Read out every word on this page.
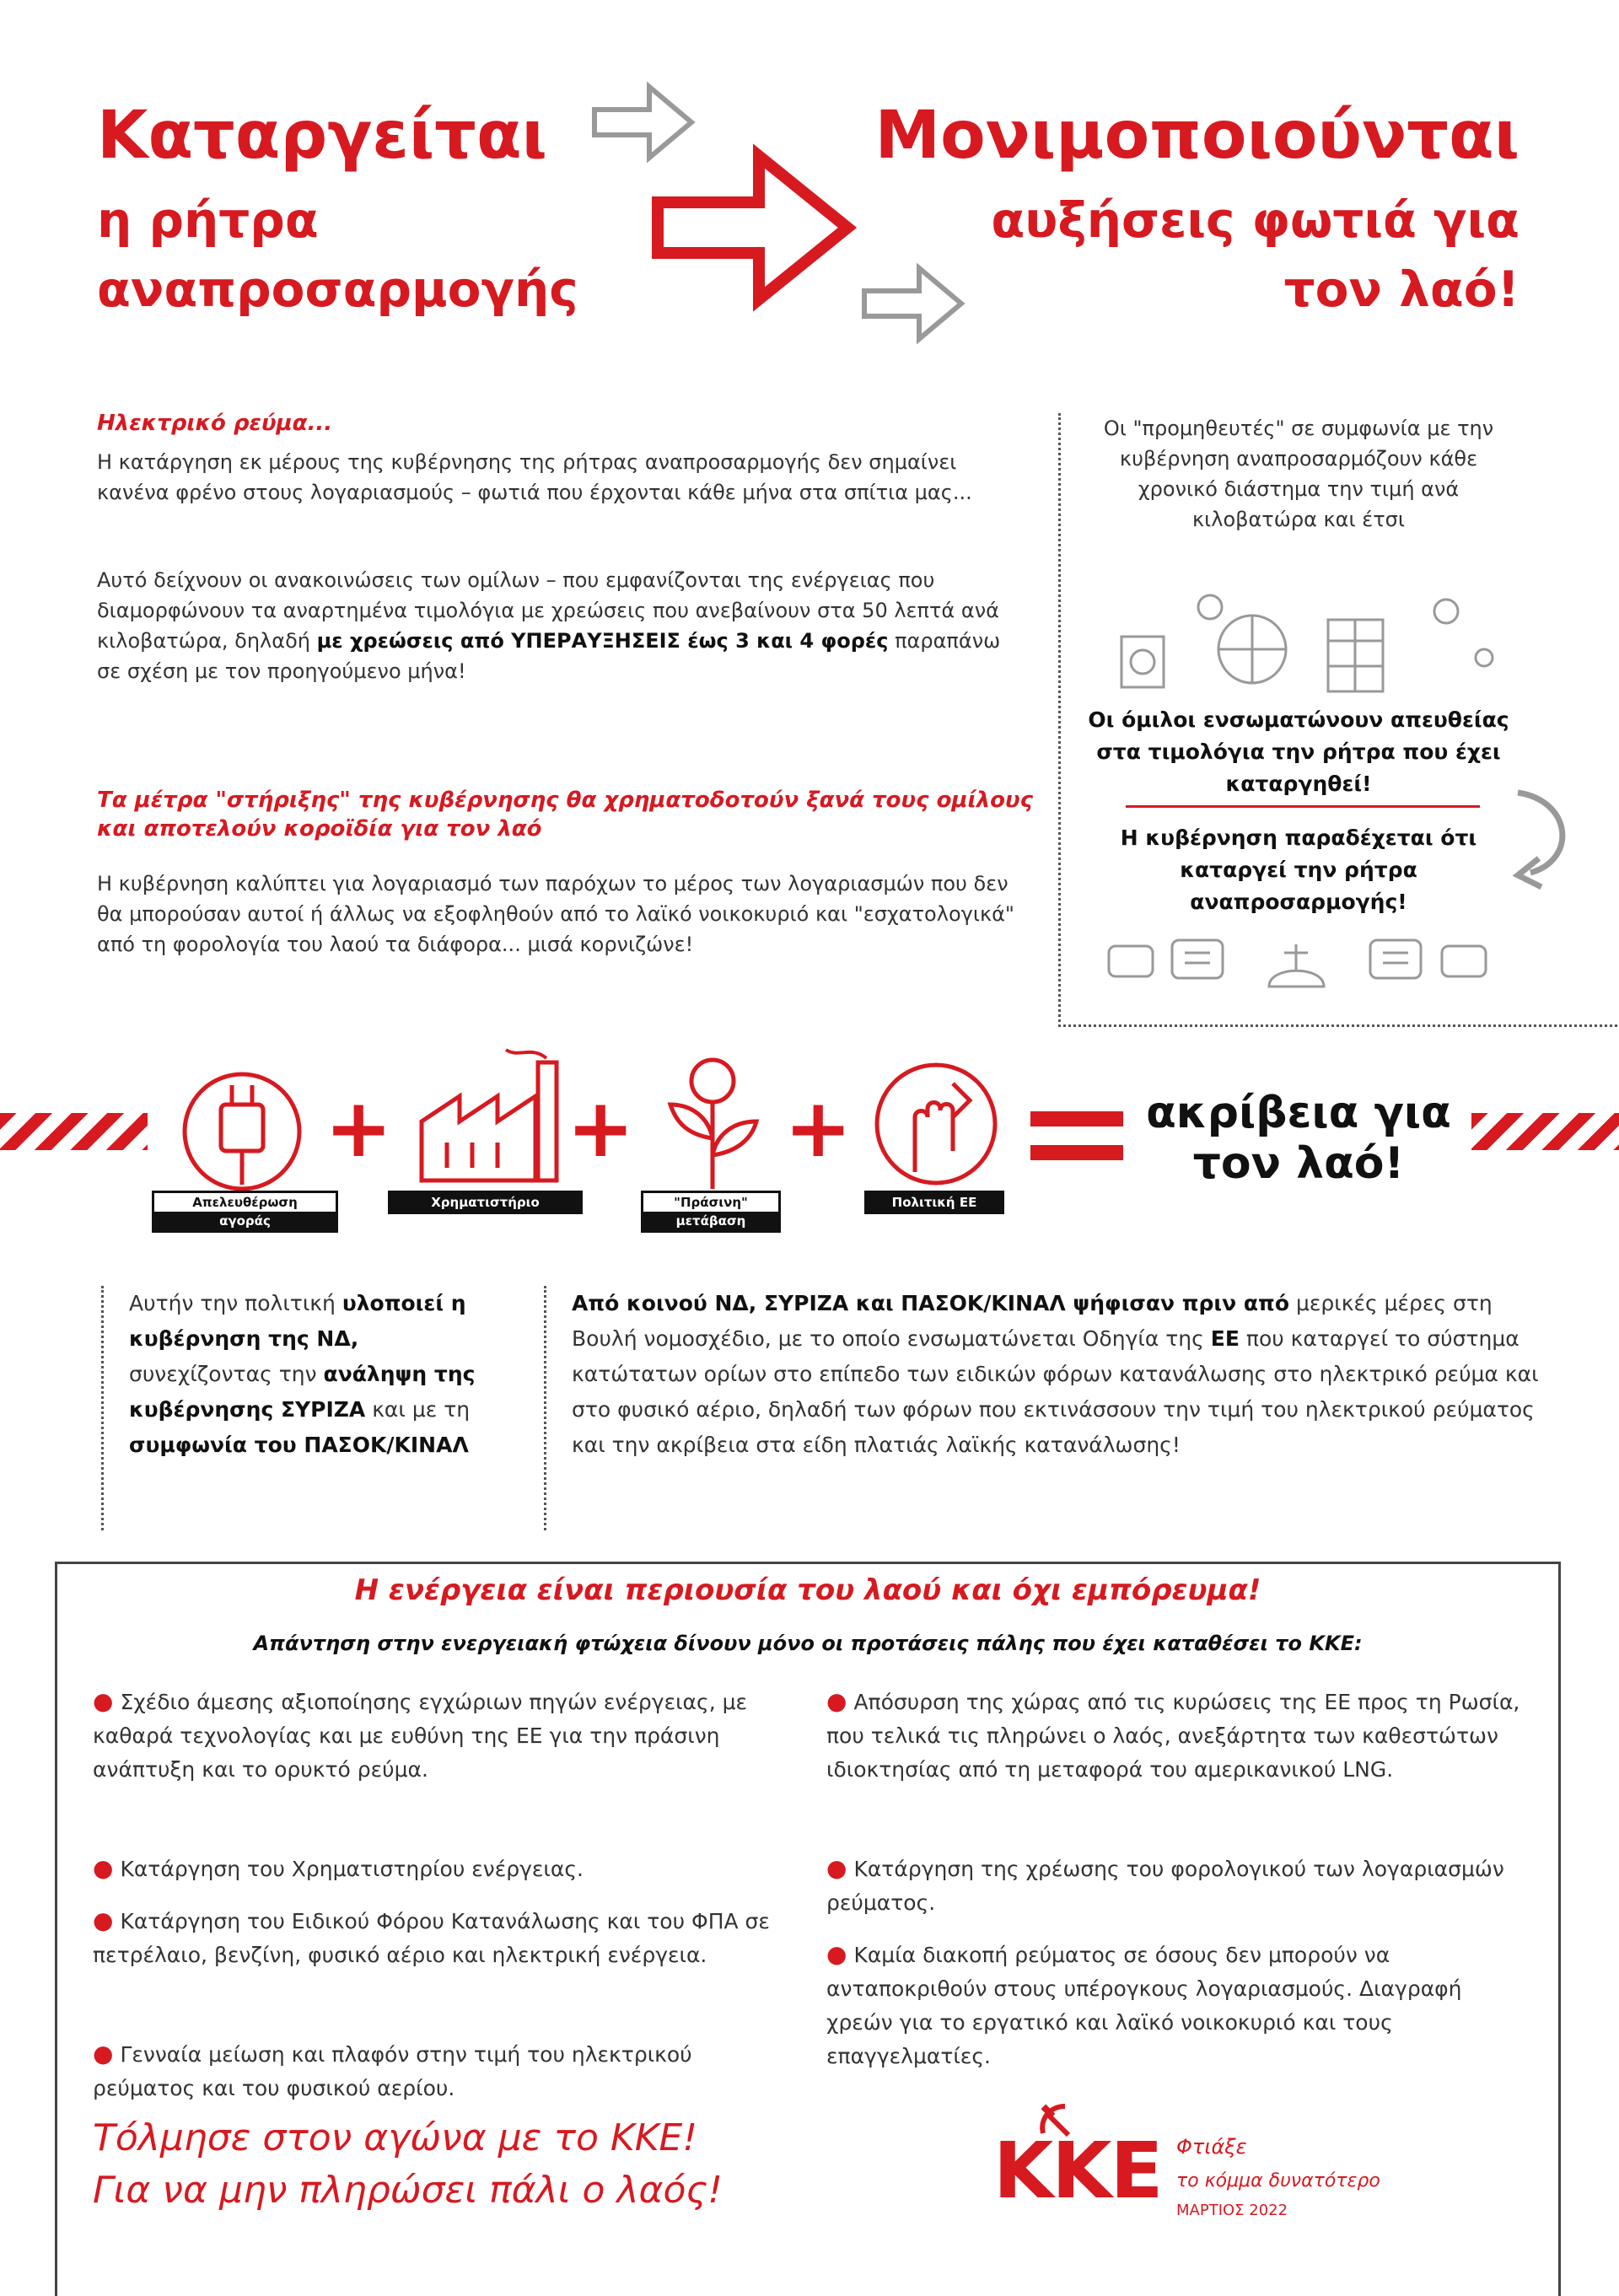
Καταργείται
η ρήτρα
αναπροσαρμογής
Μονιμοποιούνται
αυξήσεις φωτιά για
τον λαό!
Ηλεκτρικό ρεύμα...
Η κατάργηση εκ μέρους της κυβέρνησης της ρήτρας αναπροσαρμογής δεν σημαίνει κανένα φρένο στους λογαριασμούς – φωτιά που έρχονται κάθε μήνα στα σπίτια μας...
Αυτό δείχνουν οι ανακοινώσεις των ομίλων – που εμφανίζονται της ενέργειας που διαμορφώνουν τα αναρτημένα τιμολόγια με χρεώσεις που ανεβαίνουν στα 50 λεπτά ανά κιλοβατώρα, δηλαδή με χρεώσεις από ΥΠΕΡΑΥΞΗΣΕΙΣ έως 3 και 4 φορές παραπάνω σε σχέση με τον προηγούμενο μήνα!
Τα μέτρα "στήριξης" της κυβέρνησης θα χρηματοδοτούν ξανά τους ομίλους και αποτελούν κοροϊδία για τον λαό
Η κυβέρνηση καλύπτει για λογαριασμό των παρόχων το μέρος των λογαριασμών που δεν θα μπορούσαν αυτοί ή άλλως να εξοφληθούν από το λαϊκό νοικοκυριό και "εσχατολογικά" από τη φορολογία του λαού τα διάφορα... μισά κορνιζώνε!
Οι "προμηθευτές" σε συμφωνία με την κυβέρνηση αναπροσαρμόζουν κάθε χρονικό διάστημα την τιμή ανά κιλοβατώρα και έτσι
Οι όμιλοι ενσωματώνουν απευθείας στα τιμολόγια την ρήτρα που έχει καταργηθεί!
Η κυβέρνηση παραδέχεται ότι καταργεί την ρήτρα αναπροσαρμογής!
Απελευθέρωση
αγοράς
+
Χρηματιστήριο
+
"Πράσινη"
μετάβαση
+
Πολιτική ΕΕ
ακρίβεια για τον λαό!
Αυτήν την πολιτική υλοποιεί η κυβέρνηση της ΝΔ, συνεχίζοντας την ανάληψη της κυβέρνησης ΣΥΡΙΖΑ και με τη συμφωνία του ΠΑΣΟΚ/ΚΙΝΑΛ
Από κοινού ΝΔ, ΣΥΡΙΖΑ και ΠΑΣΟΚ/ΚΙΝΑΛ ψήφισαν πριν από μερικές μέρες στη Βουλή νομοσχέδιο, με το οποίο ενσωματώνεται Οδηγία της ΕΕ που καταργεί το σύστημα κατώτατων ορίων στο επίπεδο των ειδικών φόρων κατανάλωσης στο ηλεκτρικό ρεύμα και στο φυσικό αέριο, δηλαδή των φόρων που εκτινάσσουν την τιμή του ηλεκτρικού ρεύματος και την ακρίβεια στα είδη πλατιάς λαϊκής κατανάλωσης!
Η ενέργεια είναι περιουσία του λαού και όχι εμπόρευμα!
Απάντηση στην ενεργειακή φτώχεια δίνουν μόνο οι προτάσεις πάλης που έχει καταθέσει το ΚΚΕ:
● Σχέδιο άμεσης αξιοποίησης εγχώριων πηγών ενέργειας, με καθαρά τεχνολογίας και με ευθύνη της ΕΕ για την πράσινη ανάπτυξη και το ορυκτό ρεύμα.
● Κατάργηση του Χρηματιστηρίου ενέργειας.
● Κατάργηση του Ειδικού Φόρου Κατανάλωσης και του ΦΠΑ σε πετρέλαιο, βενζίνη, φυσικό αέριο και ηλεκτρική ενέργεια.
● Γενναία μείωση και πλαφόν στην τιμή του ηλεκτρικού ρεύματος και του φυσικού αερίου.
● Απόσυρση της χώρας από τις κυρώσεις της ΕΕ προς τη Ρωσία, που τελικά τις πληρώνει ο λαός, ανεξάρτητα των καθεστώτων ιδιοκτησίας από τη μεταφορά του αμερικανικού LNG.
● Κατάργηση της χρέωσης του φορολογικού των λογαριασμών ρεύματος.
● Καμία διακοπή ρεύματος σε όσους δεν μπορούν να ανταποκριθούν στους υπέρογκους λογαριασμούς. Διαγραφή χρεών για το εργατικό και λαϊκό νοικοκυριό και τους επαγγελματίες.
Τόλμησε στον αγώνα με το ΚΚΕ!
Για να μην πληρώσει πάλι ο λαός!	ΚΚΕ Φτιάξε
το κόμμα δυνατότερο
ΜΑΡΤΙΟΣ 2022
